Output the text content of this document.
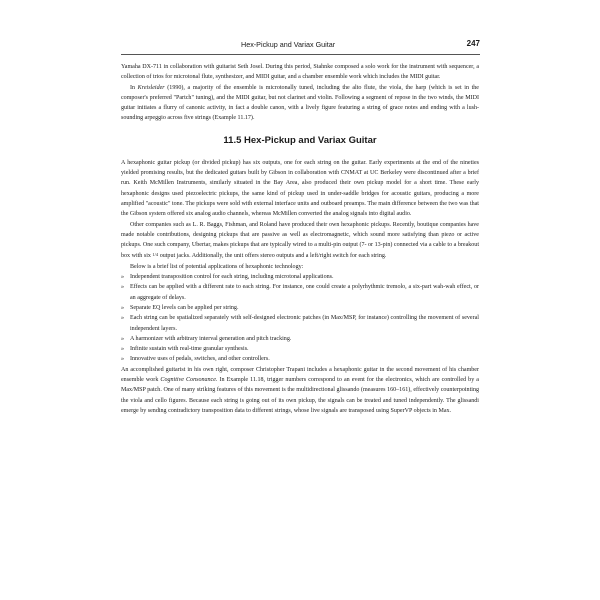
Hex-Pickup and Variax Guitar	247

Yamaha DX-711 in collaboration with guitarist Seth Josel. During this period, Stahnke composed a solo work for the instrument with sequencer, a collection of trios for microtonal flute, synthesizer, and MIDI guitar, and a chamber ensemble work which includes the MIDI guitar.

In Kreisleider (1990), a majority of the ensemble is microtonally tuned, including the alto flute, the viola, the harp (which is set in the composer's preferred "Partch" tuning), and the MIDI guitar, but not clarinet and violin. Following a segment of repose in the two winds, the MIDI guitar initiates a flurry of canonic activity, in fact a double canon, with a lively figure featuring a string of grace notes and ending with a lush-sounding arpeggio across five strings (Example 11.17).

11.5 Hex-Pickup and Variax Guitar

A hexaphonic guitar pickup (or divided pickup) has six outputs, one for each string on the guitar. Early experiments at the end of the nineties yielded promising results, but the dedicated guitars built by Gibson in collaboration with CNMAT at UC Berkeley were discontinued after a brief run. Keith McMillen Instruments, similarly situated in the Bay Area, also produced their own pickup model for a short time. These early hexaphonic designs used piezoelectric pickups, the same kind of pickup used in under-saddle bridges for acoustic guitars, producing a more amplified "acoustic" tone. The pickups were sold with external interface units and outboard preamps. The main difference between the two was that the Gibson system offered six analog audio channels, whereas McMillen converted the analog signals into digital audio.

Other companies such as L. R. Baggs, Fishman, and Roland have produced their own hexaphonic pickups. Recently, boutique companies have made notable contributions, designing pickups that are passive as well as electromagnetic, which sound more satisfying than piezo or active pickups. One such company, Ubertar, makes pickups that are typically wired to a multi-pin output (7- or 13-pin) connected via a cable to a breakout box with six 1/4 output jacks. Additionally, the unit offers stereo outputs and a left/right switch for each string.

Below is a brief list of potential applications of hexaphonic technology:

» Independent transposition control for each string, including microtonal applications.
» Effects can be applied with a different rate to each string. For instance, one could create a polyrhythmic tremolo, a six-part wah-wah effect, or an aggregate of delays.
» Separate EQ levels can be applied per string.
» Each string can be spatialized separately with self-designed electronic patches (in Max/MSP, for instance) controlling the movement of several independent layers.
» A harmonizer with arbitrary interval generation and pitch tracking.
» Infinite sustain with real-time granular synthesis.
» Innovative uses of pedals, switches, and other controllers.

An accomplished guitarist in his own right, composer Christopher Trapani includes a hexaphonic guitar in the second movement of his chamber ensemble work Cognitive Consonance. In Example 11.18, trigger numbers correspond to an event for the electronics, which are controlled by a Max/MSP patch. One of many striking features of this movement is the multidirectional glissando (measures 160–161), effectively counterpointing the viola and cello figures. Because each string is going out of its own pickup, the signals can be treated and tuned independently. The glissandi emerge by sending contradictory transposition data to different strings, whose live signals are transposed using SuperVP objects in Max.
